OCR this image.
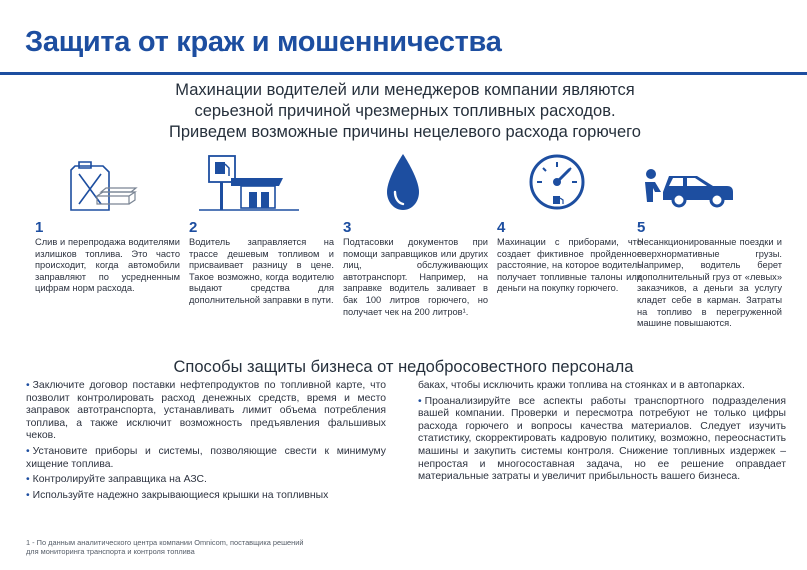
Защита от краж и мошенничества
Махинации водителей или менеджеров компании являются
серьезной причиной чрезмерных топливных расходов.
Приведем возможные причины нецелевого расхода горючего
1
Слив и перепродажа водителями излишков топлива. Это часто происходит, когда автомобили заправляют по усредненным цифрам норм расхода.
2
Водитель заправляется на трассе дешевым топливом и присваивает разницу в цене. Такое возможно, когда водителю выдают средства для дополнительной заправки в пути.
3
Подтасовки документов при помощи заправщиков или других лиц, обслуживающих автотранспорт. Например, на заправке водитель заливает в бак 100 литров горючего, но получает чек на 200 литров¹.
4
Махинации с приборами, что создает фиктивное пройденное расстояние, на которое водитель получает топливные талоны или деньги на покупку горючего.
5
Несанкционированные поездки и сверхнормативные грузы. Например, водитель берет дополнительный груз от «левых» заказчиков, а деньги за услугу кладет себе в карман. Затраты на топливо в перегруженной машине повышаются.
Способы защиты бизнеса от недобросовестного персонала
• Заключите договор поставки нефтепродуктов по топливной карте, что позволит контролировать расход денежных средств, время и место заправок автотранспорта, устанавливать лимит объема потребления топлива, а также исключит возможность предъявления фальшивых чеков.
• Установите приборы и системы, позволяющие свести к минимуму хищение топлива.
• Контролируйте заправщика на АЗС.
• Используйте надежно закрывающиеся крышки на топливных
баках, чтобы исключить кражи топлива на стоянках и в автопарках.
• Проанализируйте все аспекты работы транспортного подразделения вашей компании. Проверки и пересмотра потребуют не только цифры расхода горючего и вопросы качества материалов. Следует изучить статистику, скорректировать кадровую политику, возможно, переоснастить машины и закупить системы контроля. Снижение топливных издержек – непростая и многосоставная задача, но ее решение оправдает материальные затраты и увеличит прибыльность вашего бизнеса.
1 - По данным аналитического центра компании Omnicom, поставщика решений для мониторинга транспорта и контроля топлива
